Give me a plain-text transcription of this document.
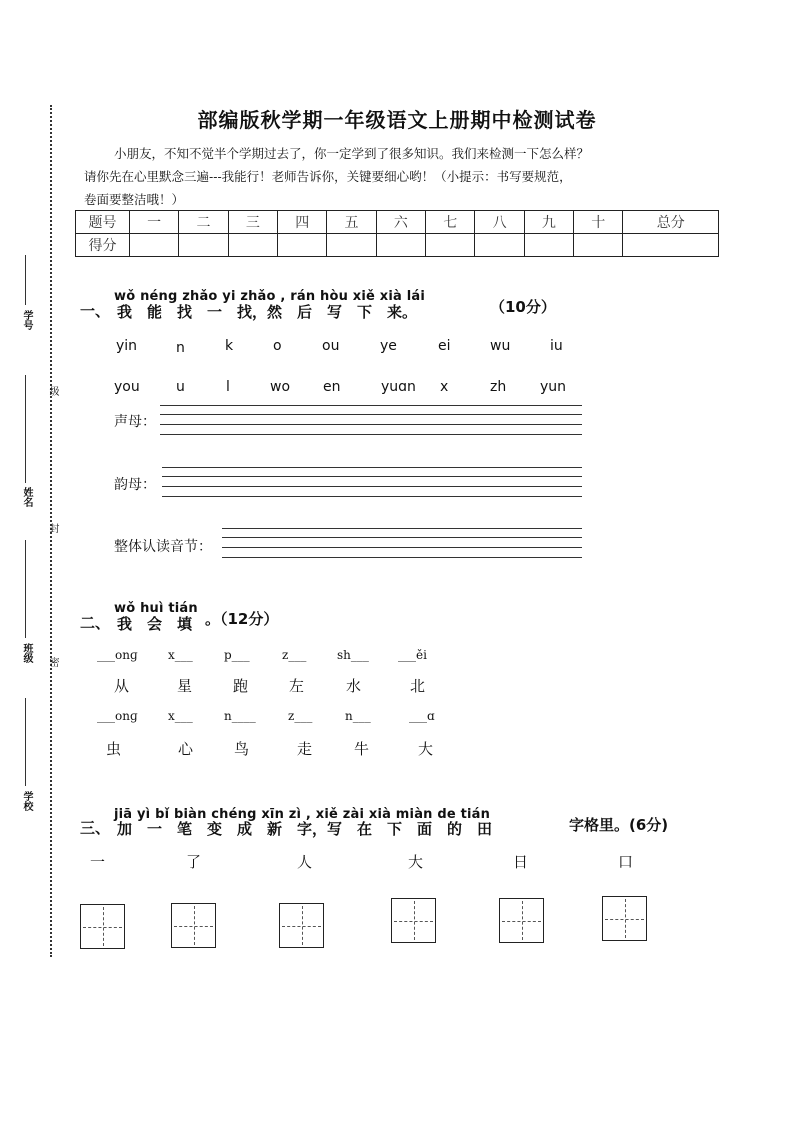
部编版秋学期一年级语文上册期中检测试卷

小朋友，不知不觉半个学期过去了，你一定学到了很多知识。我们来检测一下怎么样？

请你先在心里默念三遍---我能行！老师告诉你，关键要细心哟！（小提示：书写要规范，

卷面要整洁哦！）

题号	一	二	三	四	五	六	七	八	九	十	总分
得分											
学号
级
姓名
封
班级 密
学校
一、
wǒ néng zhǎo yi zhǎo , rán hòu xiě xià lái
我　能　找　一　找，然　后　写　下　来。	（10分）
yin	n	k	o	ou	ye	ei	wu	iu
you	u	l	wo en	yuɑn x	zh yun
声母：
韵母：
整体认读音节：
二、
wǒ huì tián
我　会　填 。（12分）
___onɡ	x___	p___	z___	sh___ ___ěi
从	星	跑	左	水	北
___onɡ	x___	n____	z___	n___	___ɑ
虫	心	鸟	走	牛	大
三、
jiā yì bǐ biàn chéng xīn zì , xiě zài xià miàn de tián
加　一　笔　变　成　新　字，写　在　下　面　的　田	字格里。(6分)
一	了	人	大	日	口
